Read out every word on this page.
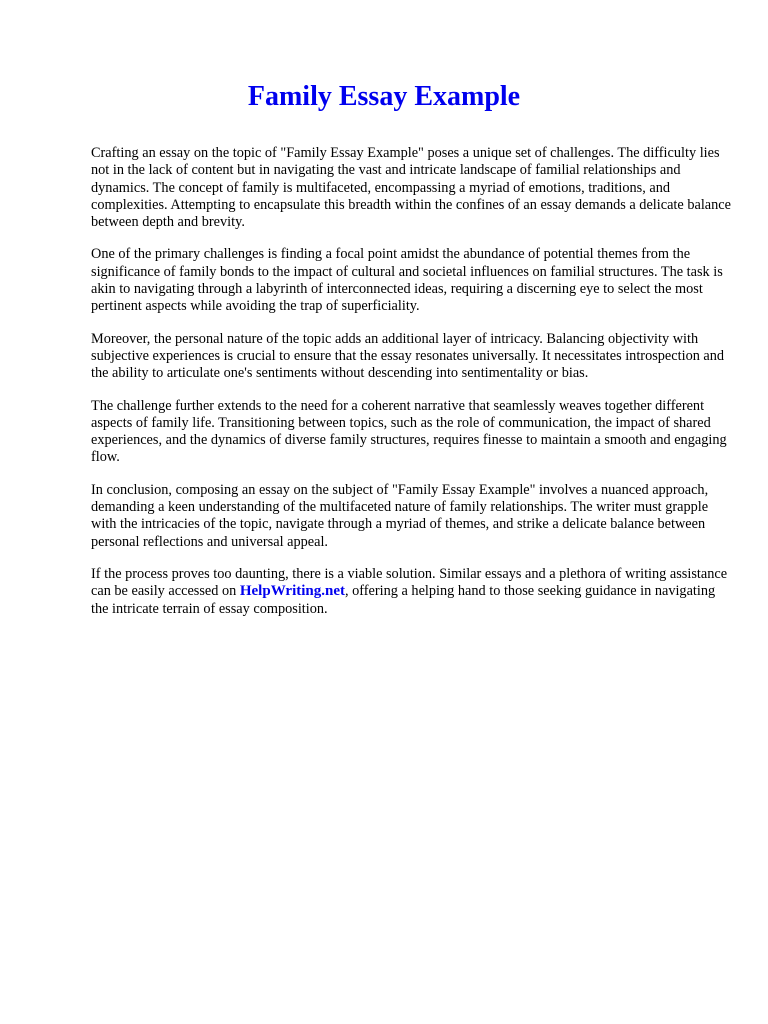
Family Essay Example

Crafting an essay on the topic of "Family Essay Example" poses a unique set of challenges. The difficulty lies not in the lack of content but in navigating the vast and intricate landscape of familial relationships and dynamics. The concept of family is multifaceted, encompassing a myriad of emotions, traditions, and complexities. Attempting to encapsulate this breadth within the confines of an essay demands a delicate balance between depth and brevity.

One of the primary challenges is finding a focal point amidst the abundance of potential themes from the significance of family bonds to the impact of cultural and societal influences on familial structures. The task is akin to navigating through a labyrinth of interconnected ideas, requiring a discerning eye to select the most pertinent aspects while avoiding the trap of superficiality.

Moreover, the personal nature of the topic adds an additional layer of intricacy. Balancing objectivity with subjective experiences is crucial to ensure that the essay resonates universally. It necessitates introspection and the ability to articulate one's sentiments without descending into sentimentality or bias.

The challenge further extends to the need for a coherent narrative that seamlessly weaves together different aspects of family life. Transitioning between topics, such as the role of communication, the impact of shared experiences, and the dynamics of diverse family structures, requires finesse to maintain a smooth and engaging flow.

In conclusion, composing an essay on the subject of "Family Essay Example" involves a nuanced approach, demanding a keen understanding of the multifaceted nature of family relationships. The writer must grapple with the intricacies of the topic, navigate through a myriad of themes, and strike a delicate balance between personal reflections and universal appeal.

If the process proves too daunting, there is a viable solution. Similar essays and a plethora of writing assistance can be easily accessed on HelpWriting.net, offering a helping hand to those seeking guidance in navigating the intricate terrain of essay composition.
